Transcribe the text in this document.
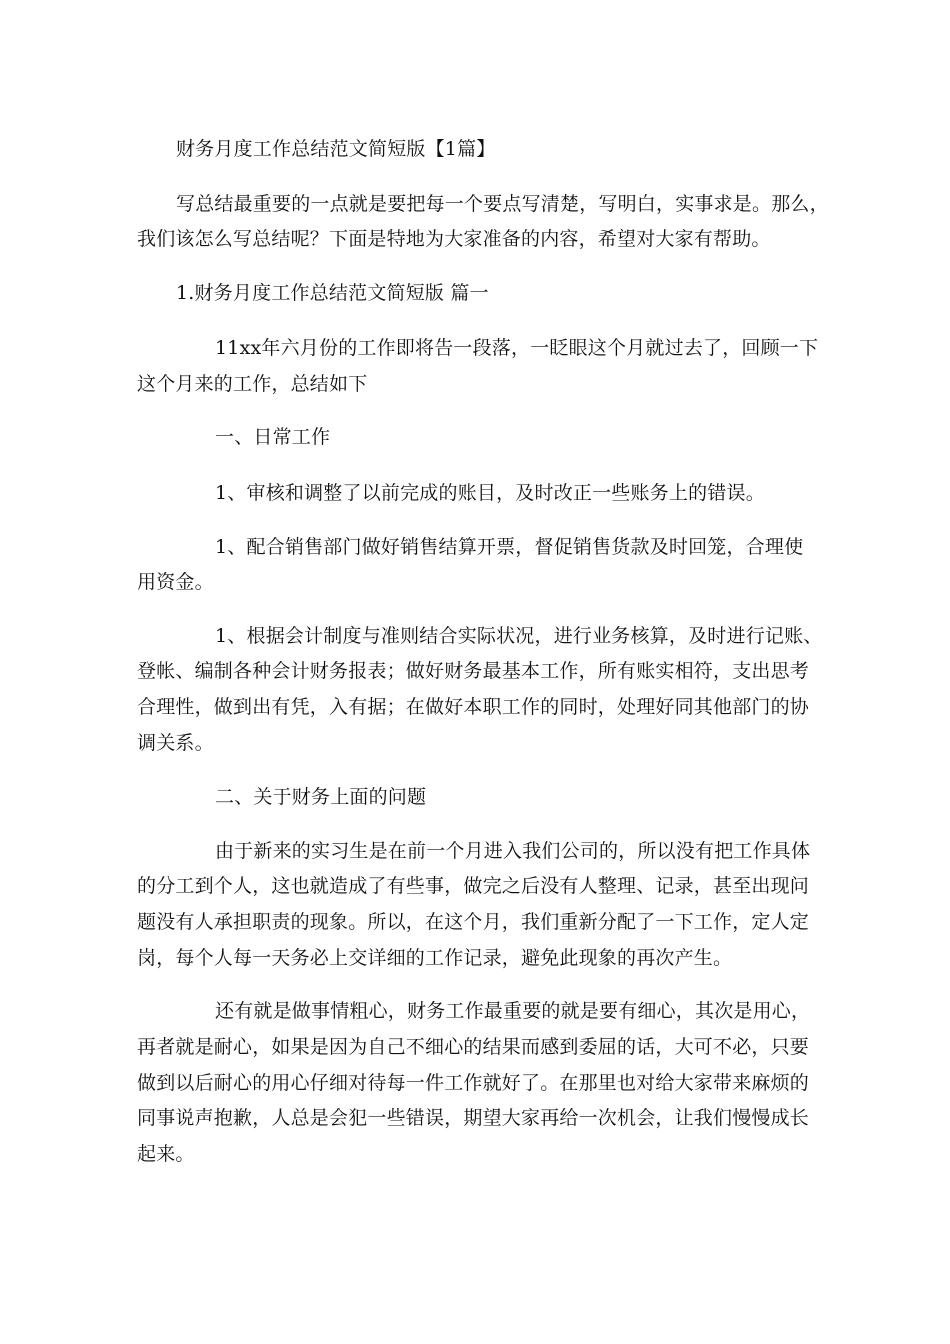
财务月度工作总结范文简短版【1篇】
写总结最重要的一点就是要把每一个要点写清楚，写明白，实事求是。那么，
我们该怎么写总结呢？下面是特地为大家准备的内容，希望对大家有帮助。
1.财务月度工作总结范文简短版 篇一
11xx年六月份的工作即将告一段落，一眨眼这个月就过去了，回顾一下
这个月来的工作，总结如下
一、日常工作
1、审核和调整了以前完成的账目，及时改正一些账务上的错误。
1、配合销售部门做好销售结算开票，督促销售货款及时回笼，合理使
用资金。
1、根据会计制度与准则结合实际状况，进行业务核算，及时进行记账、
登帐、编制各种会计财务报表；做好财务最基本工作，所有账实相符，支出思考
合理性，做到出有凭，入有据；在做好本职工作的同时，处理好同其他部门的协
调关系。
二、关于财务上面的问题
由于新来的实习生是在前一个月进入我们公司的，所以没有把工作具体
的分工到个人，这也就造成了有些事，做完之后没有人整理、记录，甚至出现问
题没有人承担职责的现象。所以，在这个月，我们重新分配了一下工作，定人定
岗，每个人每一天务必上交详细的工作记录，避免此现象的再次产生。
还有就是做事情粗心，财务工作最重要的就是要有细心，其次是用心，
再者就是耐心，如果是因为自己不细心的结果而感到委屈的话，大可不必，只要
做到以后耐心的用心仔细对待每一件工作就好了。在那里也对给大家带来麻烦的
同事说声抱歉，人总是会犯一些错误，期望大家再给一次机会，让我们慢慢成长
起来。
